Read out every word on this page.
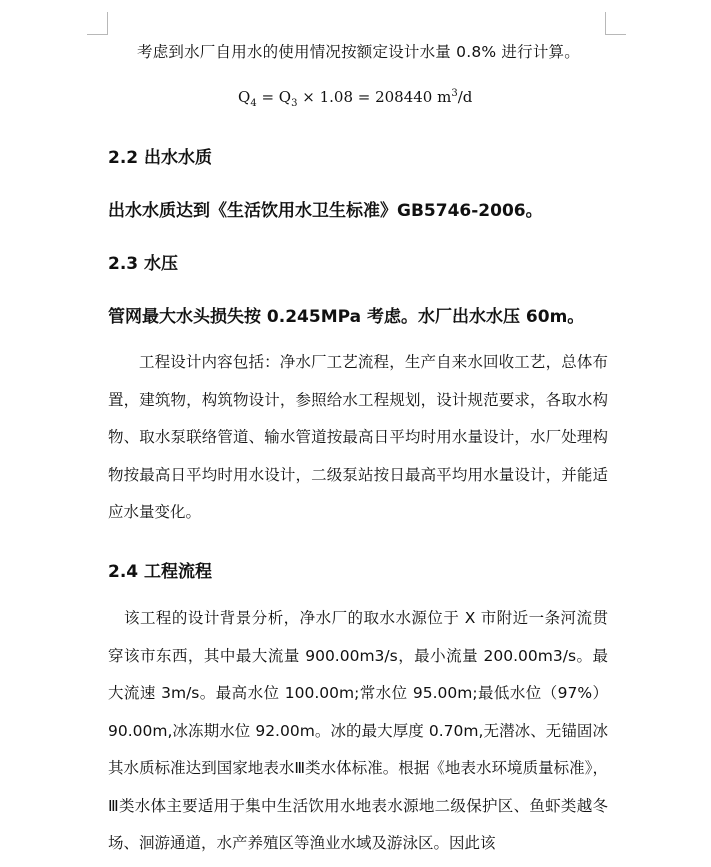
考虑到水厂自用水的使用情况按额定设计水量 0.8% 进行计算。
$Q_4 = Q_3 \times 1.08 = 208440$ $m^3/d$
2.2 出水水质
出水水质达到《生活饮用水卫生标准》GB5746-2006。
2.3 水压
管网最大水头损失按 0.245MPa 考虑。水厂出水水压 60m。

工程设计内容包括：净水厂工艺流程，生产自来水回收工艺，总体布置，建筑物，构筑物设计，参照给水工程规划，设计规范要求，各取水构物、取水泵联络管道、输水管道按最高日平均时用水量设计，水厂处理构物按最高日平均时用水设计，二级泵站按日最高平均用水量设计，并能适应水量变化。

2.4 工程流程

该工程的设计背景分析，净水厂的取水水源位于 X 市附近一条河流贯穿该市东西，其中最大流量 900.00m3/s，最小流量 200.00m3/s。最大流速 3m/s。最高水位 100.00m;常水位 95.00m;最低水位（97%）90.00m,冰冻期水位 92.00m。冰的最大厚度 0.70m,无潜冰、无锚固冰其水质标准达到国家地表水Ⅲ类水体标准。根据《地表水环境质量标准》，Ⅲ类水体主要适用于集中生活饮用水地表水源地二级保护区、鱼虾类越冬场、洄游通道，水产养殖区等渔业水域及游泳区。因此该
